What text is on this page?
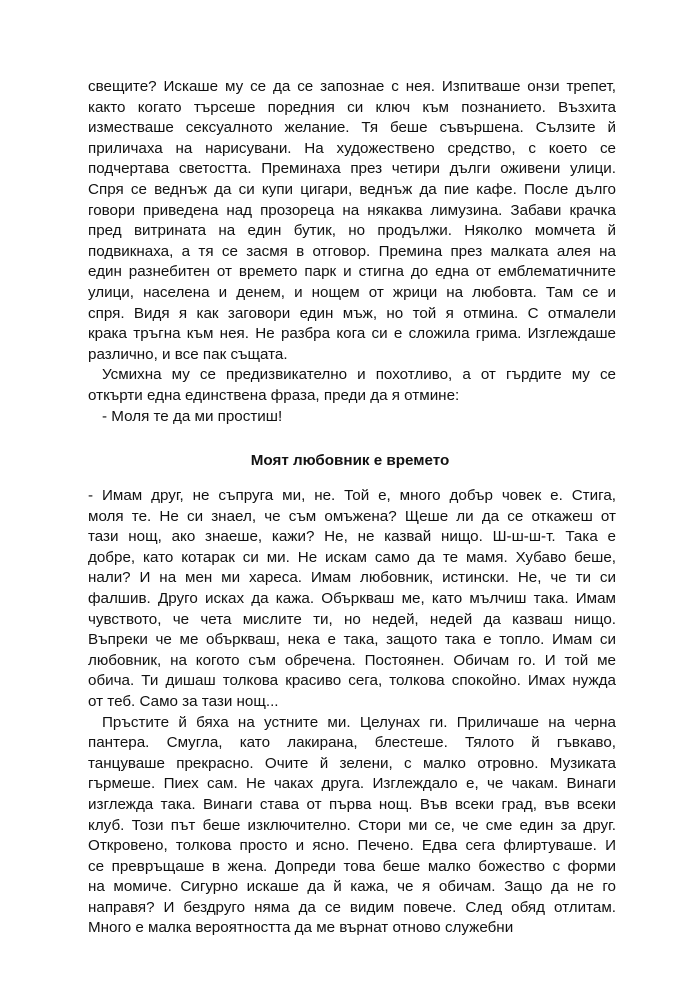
свещите? Искаше му се да се запознае с нея. Изпитваше онзи трепет,
както когато търсеше поредния си ключ към познанието. Възхита
изместваше сексуалното желание. Тя беше съвършена. Сълзите й
приличаха на нарисувани. На художествено средство, с което се
подчертава светостта. Преминаха през четири дълги оживени улици.
Спря се веднъж да си купи цигари, веднъж да пие кафе. После дълго
говори приведена над прозореца на някаква лимузина. Забави крачка
пред витрината на един бутик, но продължи. Няколко момчета й
подвикнаха, а тя се засмя в отговор. Премина през малката алея на
един разнебитен от времето парк и стигна до една от емблематичните
улици, населена и денем, и нощем от жрици на любовта. Там се и
спря. Видя я как заговори един мъж, но той я отмина. С отмалели
крака тръгна към нея. Не разбра кога си е сложила грима. Изглеждаше
различно, и все пак същата.
Усмихна му се предизвикателно и похотливо, а от гърдите му се
откърти една единствена фраза, преди да я отмине:
- Моля те да ми простиш!
Моят любовник е времето
- Имам друг, не съпруга ми, не. Той е, много добър човек е. Стига,
моля те. Не си знаел, че съм омъжена? Щеше ли да се откажеш от
тази нощ, ако знаеше, кажи? Не, не казвай нищо. Ш-ш-ш-т. Така е
добре, като котарак си ми. Не искам само да те мамя. Хубаво беше,
нали? И на мен ми хареса. Имам любовник, истински. Не, че ти си
фалшив. Друго исках да кажа. Объркваш ме, като мълчиш така. Имам
чувството, че чета мислите ти, но недей, недей да казваш нищо.
Въпреки че ме объркваш, нека е така, защото така е топло. Имам си
любовник, на когото съм обречена. Постоянен. Обичам го. И той ме
обича. Ти дишаш толкова красиво сега, толкова спокойно. Имах нужда
от теб. Само за тази нощ...
Пръстите й бяха на устните ми. Целунах ги. Приличаше на черна
пантера. Смугла, като лакирана, блестеше. Тялото й гъвкаво,
танцуваше прекрасно. Очите й зелени, с малко отровно. Музиката
гърмеше. Пиех сам. Не чаках друга. Изглеждало е, че чакам. Винаги
изглежда така. Винаги става от първа нощ. Във всеки град, във всеки
клуб. Този път беше изключително. Стори ми се, че сме един за друг.
Откровено, толкова просто и ясно. Печено. Едва сега флиртуваше. И
се превръщаше в жена. Допреди това беше малко божество с форми
на момиче. Сигурно искаше да й кажа, че я обичам. Защо да не го
направя? И бездруго няма да се видим повече. След обяд отлитам.
Много е малка вероятността да ме върнат отново служебни
